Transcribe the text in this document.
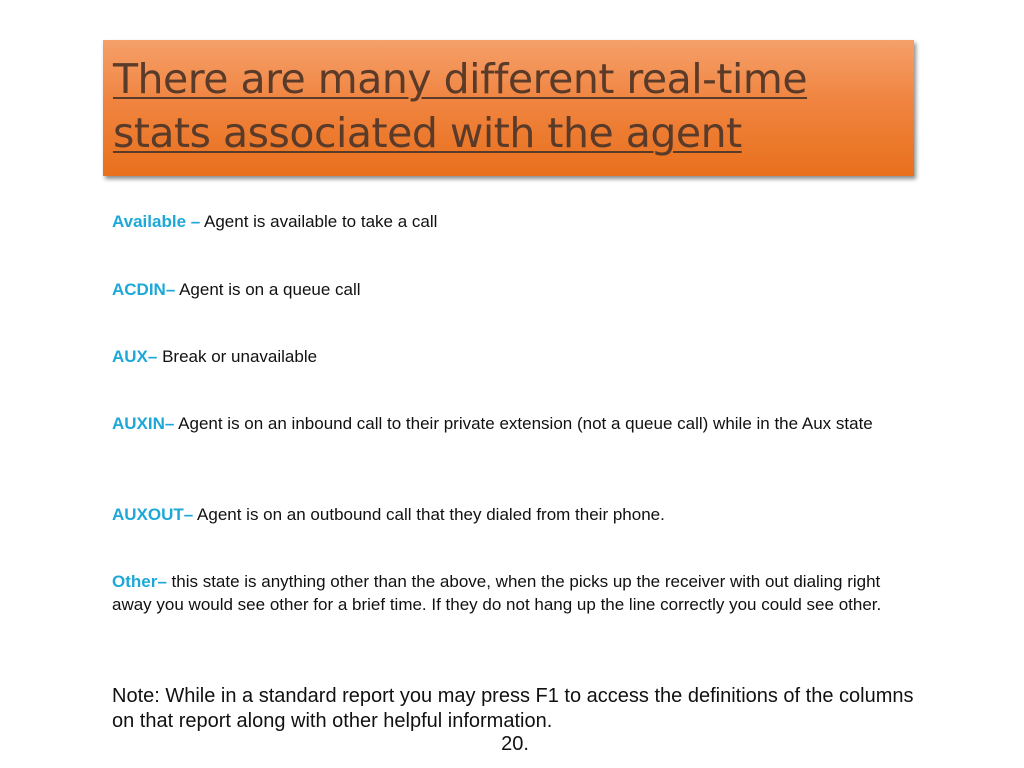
There are many different real-time
stats associated with the agent
Available – Agent is available to take a call
ACDIN– Agent is on a queue call
AUX– Break or unavailable
AUXIN– Agent is on an inbound call to their private extension (not a queue call) while in the Aux state
AUXOUT– Agent is on an outbound call that they dialed from their phone.
Other– this state is anything other than the above, when the picks up the receiver with out dialing right away you would see other for a brief time. If they do not hang up the line correctly you could see other.
Note: While in a standard report you may press F1 to access the definitions of the columns on that report along with other helpful information.
20.
